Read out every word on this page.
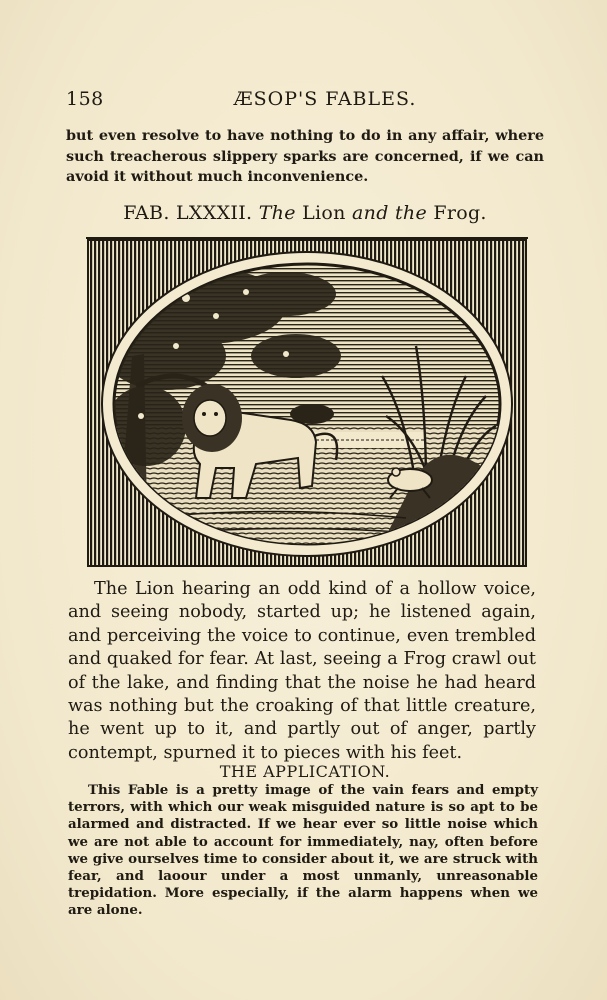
158	ÆSOP'S FABLES.

but even resolve to have nothing to do in any affair, where such treacherous slippery sparks are concerned, if we can avoid it without much inconvenience.

FAB. LXXXII. The Lion and the Frog.

The Lion hearing an odd kind of a hollow voice, and seeing nobody, started up; he listened again, and perceiving the voice to continue, even trembled and quaked for fear. At last, seeing a Frog crawl out of the lake, and finding that the noise he had heard was nothing but the croaking of that little creature, he went up to it, and partly out of anger, partly contempt, spurned it to pieces with his feet.

THE APPLICATION.

This Fable is a pretty image of the vain fears and empty terrors, with which our weak misguided nature is so apt to be alarmed and distracted. If we hear ever so little noise which we are not able to account for immediately, nay, often before we give ourselves time to consider about it, we are struck with fear, and laoour under a most unmanly, unreasonable trepidation. More especially, if the alarm happens when we are alone.
